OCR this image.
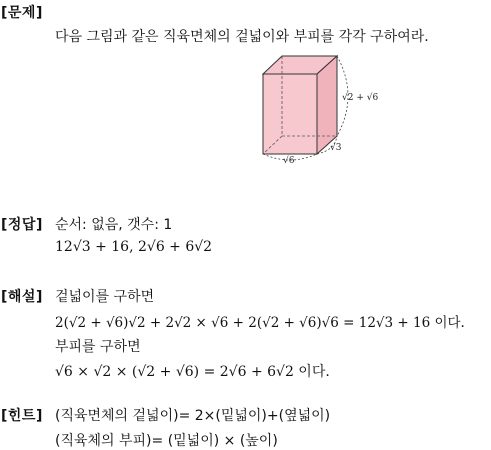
[문제]
다음 그림과 같은 직육면체의 겉넓이와 부피를 각각 구하여라.
√2 + √6
√6
√3
[정답] 순서: 없음, 갯수: 1
12√3 + 16, 2√6 + 6√2
[해설] 겉넓이를 구하면
2(√2 + √6)√2 + 2√2 × √6 + 2(√2 + √6)√6 = 12√3 + 16 이다.
부피를 구하면
√6 × √2 × (√2 + √6) = 2√6 + 6√2 이다.
[힌트] (직육면체의 겉넓이)= 2×(밑넓이)+(옆넓이)
(직육체의 부피)= (밑넓이) × (높이)
